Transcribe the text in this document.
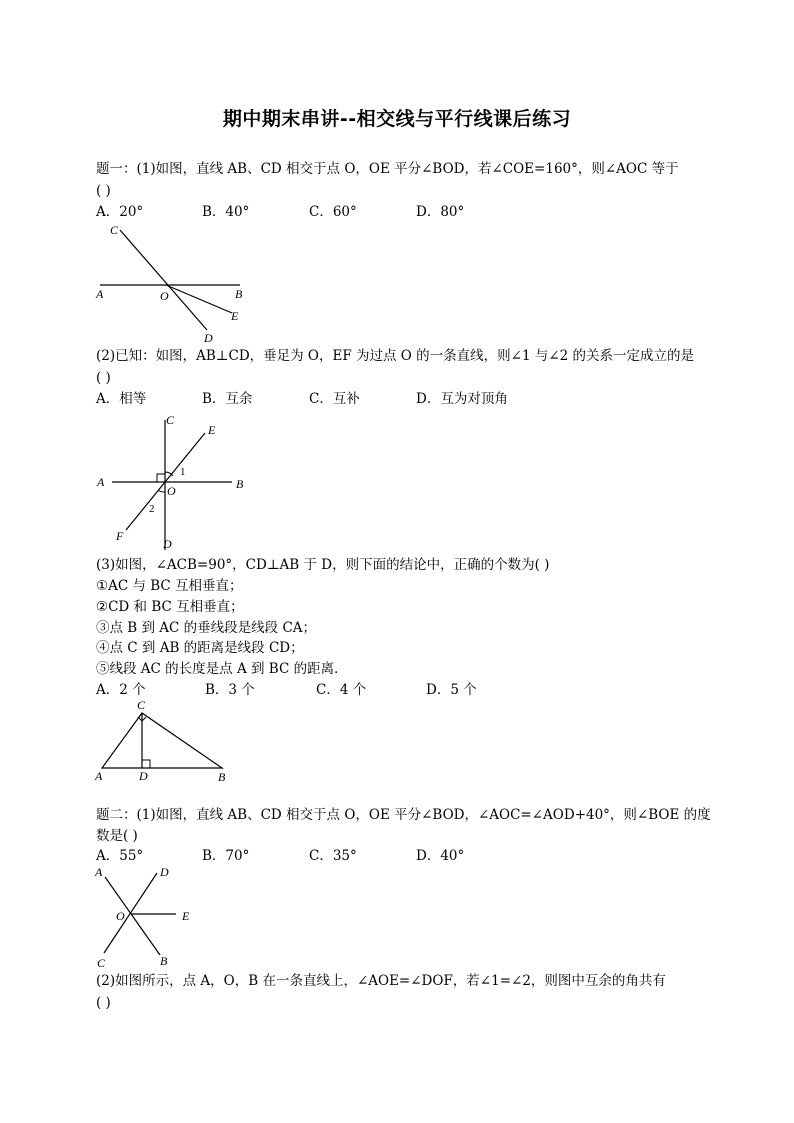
期中期末串讲--相交线与平行线课后练习
题一：(1)如图，直线 AB、CD 相交于点 O，OE 平分∠BOD，若∠COE=160°，则∠AOC 等于
( )
A．20°	B．40°	C．60°	D．80°
C
A	O	B
E
D
(2)已知：如图，AB⊥CD，垂足为 O，EF 为过点 O 的一条直线，则∠1 与∠2 的关系一定成立的是
( )
A．相等	B．互余	C．互补	D．互为对顶角
C
E
A	B
1
O
2
F
D
(3)如图，∠ACB=90°，CD⊥AB 于 D，则下面的结论中，正确的个数为( )
①AC 与 BC 互相垂直；
②CD 和 BC 互相垂直；
③点 B 到 AC 的垂线段是线段 CA；
④点 C 到 AB 的距离是线段 CD；
⑤线段 AC 的长度是点 A 到 BC 的距离．
A．2 个	B．3 个	C．4 个	D．5 个
C
A	D	B
题二：(1)如图，直线 AB、CD 相交于点 O，OE 平分∠BOD，∠AOC=∠AOD+40°，则∠BOE 的度
数是( )
A．55°	B．70°	C．35°	D．40°
A	D
O	E
C	B
(2)如图所示，点 A，O，B 在一条直线上，∠AOE=∠DOF，若∠1=∠2，则图中互余的角共有
( )
